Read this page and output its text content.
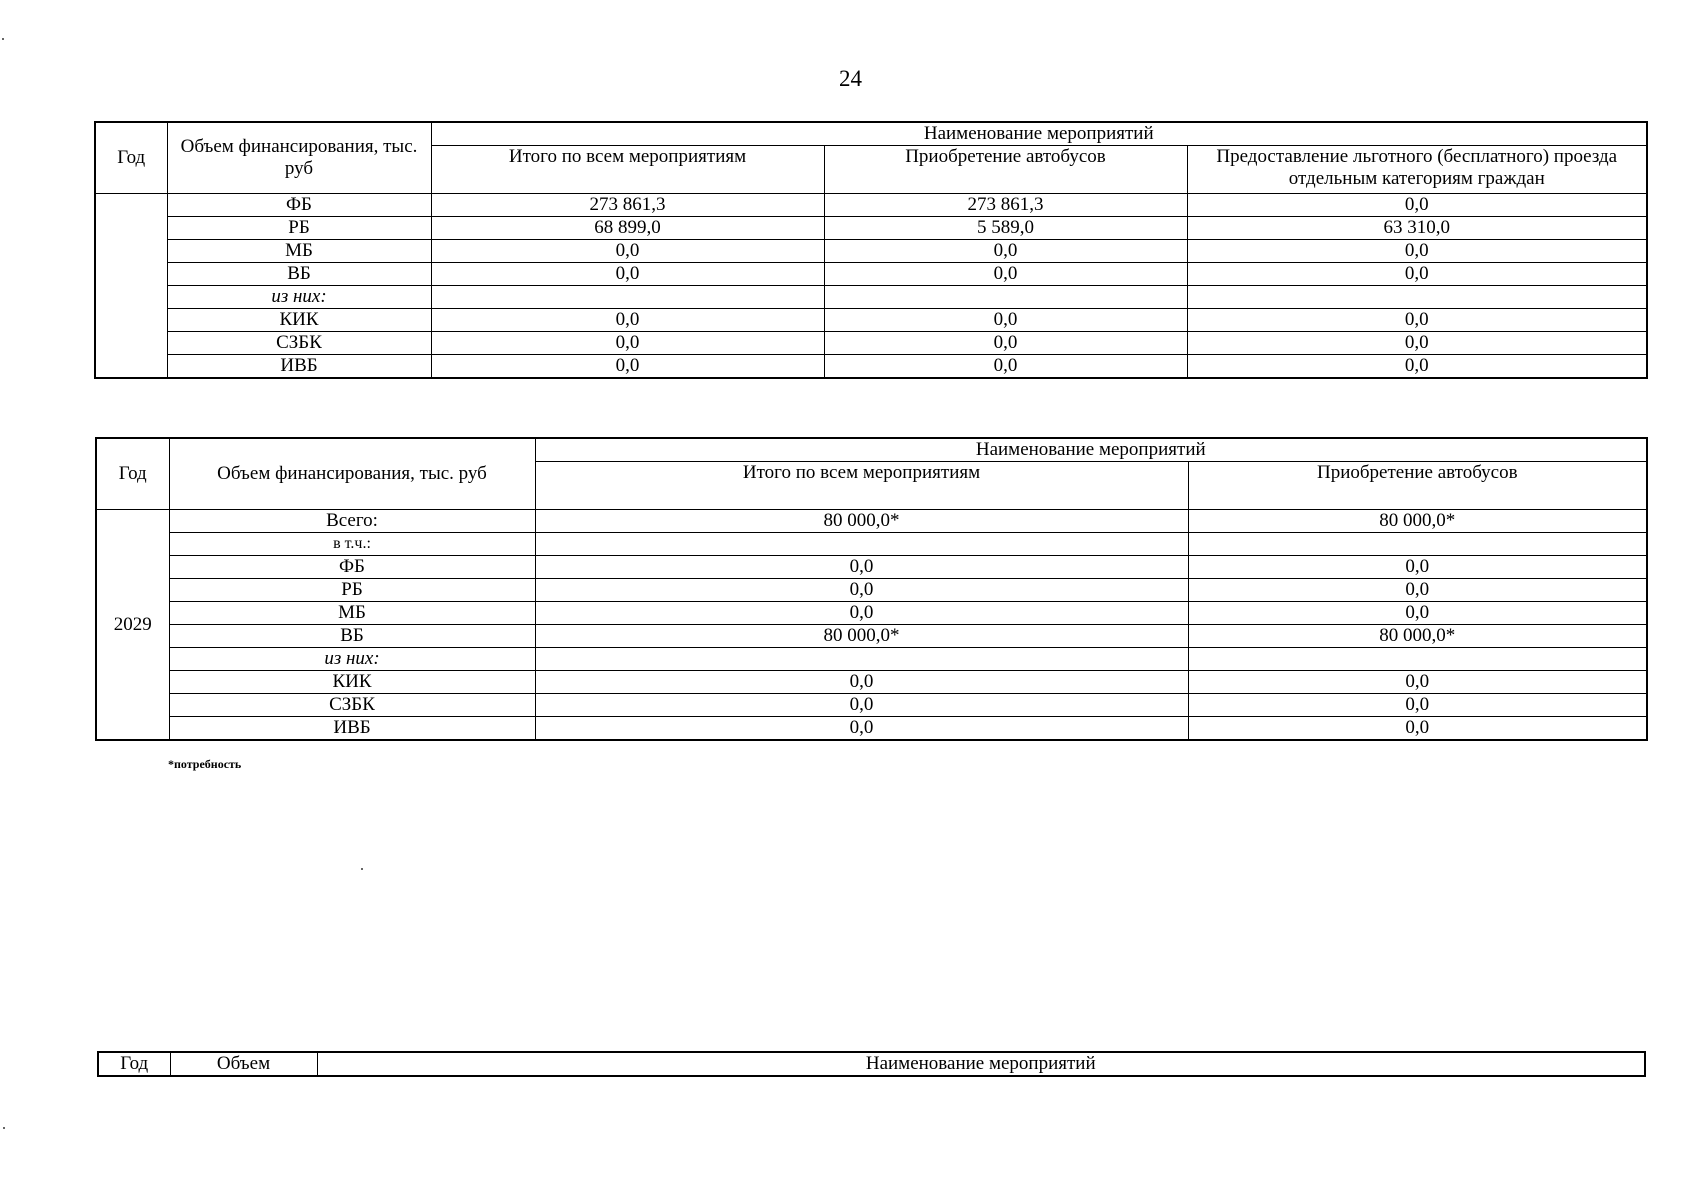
24
Год	Объем финансирования, тыс. руб	Наименование мероприятий		
		Итого по всем мероприятиям	Приобретение автобусов	Предоставление льготного (бесплатного) проезда отдельным категориям граждан
	ФБ	273 861,3	273 861,3	0,0
	РБ	68 899,0	5 589,0	63 310,0
	МБ	0,0	0,0	0,0
	ВБ	0,0	0,0	0,0
	из них:			
	КИК	0,0	0,0	0,0
	СЗБК	0,0	0,0	0,0
	ИВБ	0,0	0,0	0,0
Год	Объем финансирования, тыс. руб	Наименование мероприятий	
		Итого по всем мероприятиям	Приобретение автобусов
2029	Всего:	80 000,0*	80 000,0*
	в т.ч.:		
	ФБ	0,0	0,0
	РБ	0,0	0,0
	МБ	0,0	0,0
	ВБ	80 000,0*	80 000,0*
	из них:		
	КИК	0,0	0,0
	СЗБК	0,0	0,0
	ИВБ	0,0	0,0
*потребность
Год	Объем	Наименование мероприятий
